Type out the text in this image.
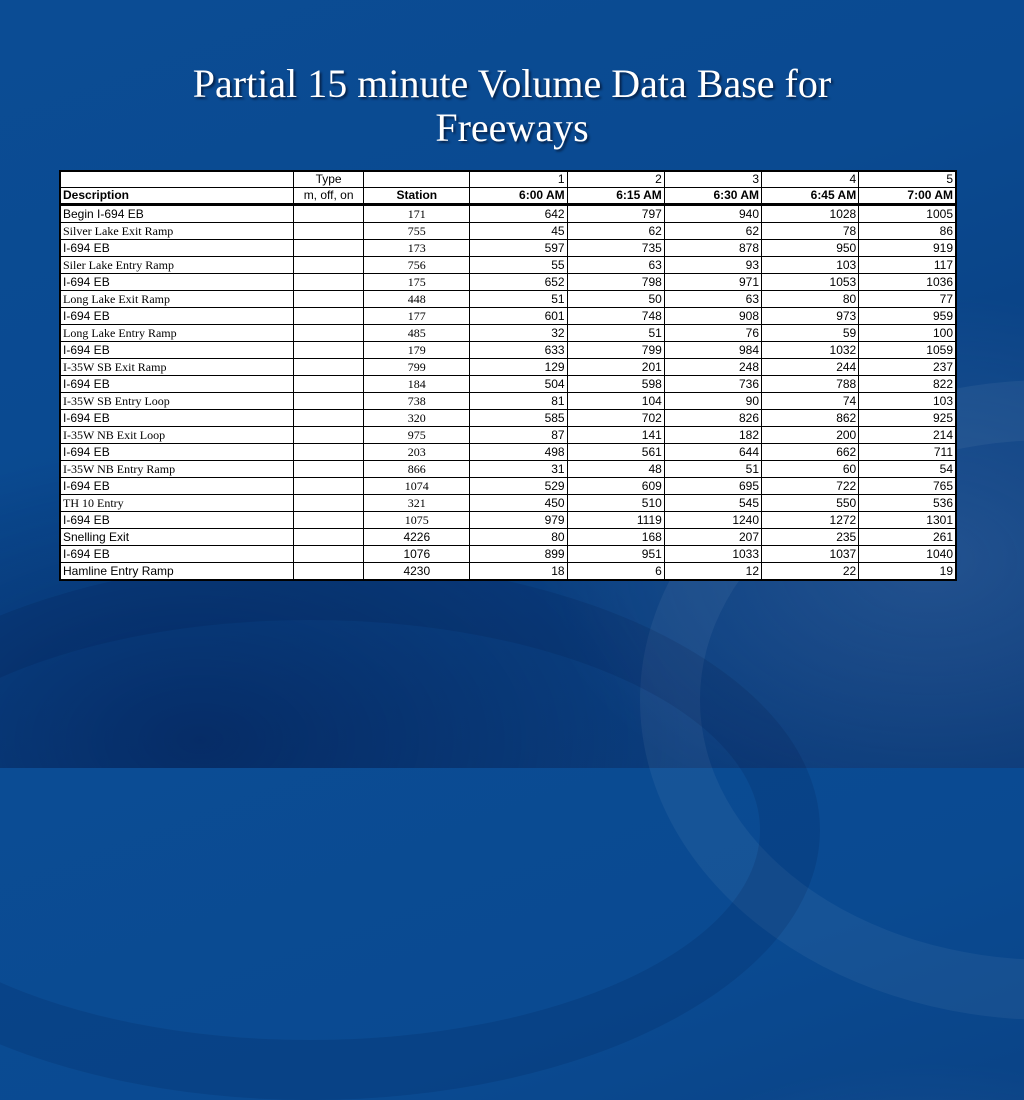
Partial 15 minute Volume Data Base for
Freeways
	Type		1	2	3	4	5
Description	m, off, on	Station	6:00 AM	6:15 AM	6:30 AM	6:45 AM	7:00 AM
Begin I-694 EB		171	642	797	940	1028	1005
Silver Lake Exit Ramp		755	45	62	62	78	86
I-694 EB		173	597	735	878	950	919
Siler Lake Entry Ramp		756	55	63	93	103	117
I-694 EB		175	652	798	971	1053	1036
Long Lake Exit Ramp		448	51	50	63	80	77
I-694 EB		177	601	748	908	973	959
Long Lake Entry Ramp		485	32	51	76	59	100
I-694 EB		179	633	799	984	1032	1059
I-35W SB Exit Ramp		799	129	201	248	244	237
I-694 EB		184	504	598	736	788	822
I-35W SB Entry Loop		738	81	104	90	74	103
I-694 EB		320	585	702	826	862	925
I-35W NB Exit Loop		975	87	141	182	200	214
I-694 EB		203	498	561	644	662	711
I-35W NB Entry Ramp		866	31	48	51	60	54
I-694 EB		1074	529	609	695	722	765
TH 10 Entry		321	450	510	545	550	536
I-694 EB		1075	979	1119	1240	1272	1301
Snelling Exit		4226	80	168	207	235	261
I-694 EB		1076	899	951	1033	1037	1040
Hamline Entry Ramp		4230	18	6	12	22	19
